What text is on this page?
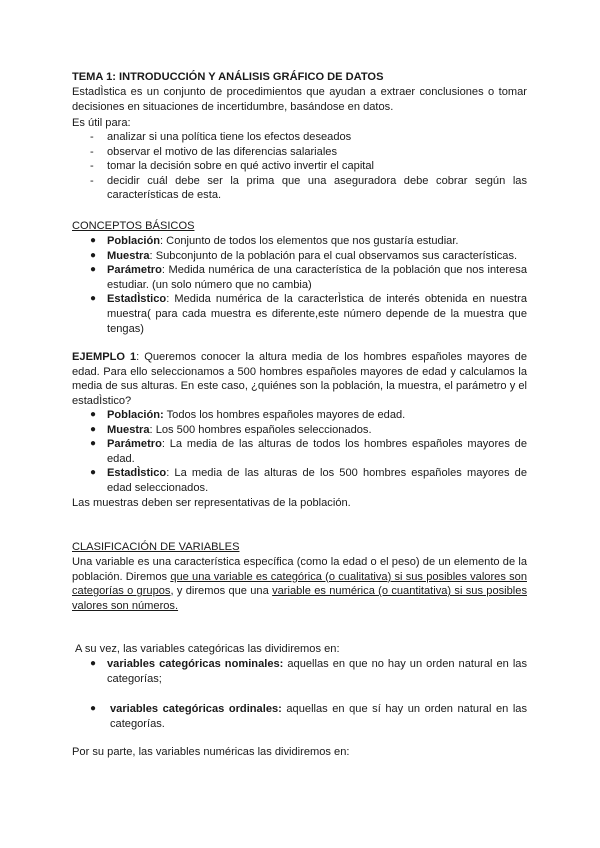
TEMA 1: INTRODUCCIÓN Y ANÁLISIS GRÁFICO DE DATOS
EstadÌstica es un conjunto de procedimientos que ayudan a extraer conclusiones o tomar
decisiones en situaciones de incertidumbre, basándose en datos.
Es útil para:
- analizar si una política tiene los efectos deseados
- observar el motivo de las diferencias salariales
- tomar la decisión sobre en qué activo invertir el capital
- decidir cuál debe ser la prima que una aseguradora debe cobrar según las características de esta.
CONCEPTOS BÁSICOS
● Población: Conjunto de todos los elementos que nos gustaría estudiar.
● Muestra: Subconjunto de la población para el cual observamos sus características.
● Parámetro: Medida numérica de una característica de la población que nos interesa estudiar. (un solo número que no cambia)
● EstadÌstico: Medida numérica de la caracterÌstica de interés obtenida en nuestra muestra( para cada muestra es diferente,este número depende de la muestra que tengas)
EJEMPLO 1: Queremos conocer la altura media de los hombres españoles mayores de edad. Para ello seleccionamos a 500 hombres españoles mayores de edad y calculamos la media de sus alturas. En este caso, ¿quiénes son la población, la muestra, el parámetro y el estadÌstico?
● Población: Todos los hombres españoles mayores de edad.
● Muestra: Los 500 hombres españoles seleccionados.
● Parámetro: La media de las alturas de todos los hombres españoles mayores de edad.
● EstadÌstico: La media de las alturas de los 500 hombres españoles mayores de edad seleccionados.
Las muestras deben ser representativas de la población.
CLASIFICACIÓN DE VARIABLES
Una variable es una característica específica (como la edad o el peso) de un elemento de la población. Diremos que una variable es categórica (o cualitativa) si sus posibles valores son categorías o grupos, y diremos que una variable es numérica (o cuantitativa) si sus posibles valores son números.
A su vez, las variables categóricas las dividiremos en:
● variables categóricas nominales: aquellas en que no hay un orden natural en las categorías;
● variables categóricas ordinales: aquellas en que sí hay un orden natural en las categorías.
Por su parte, las variables numéricas las dividiremos en:
